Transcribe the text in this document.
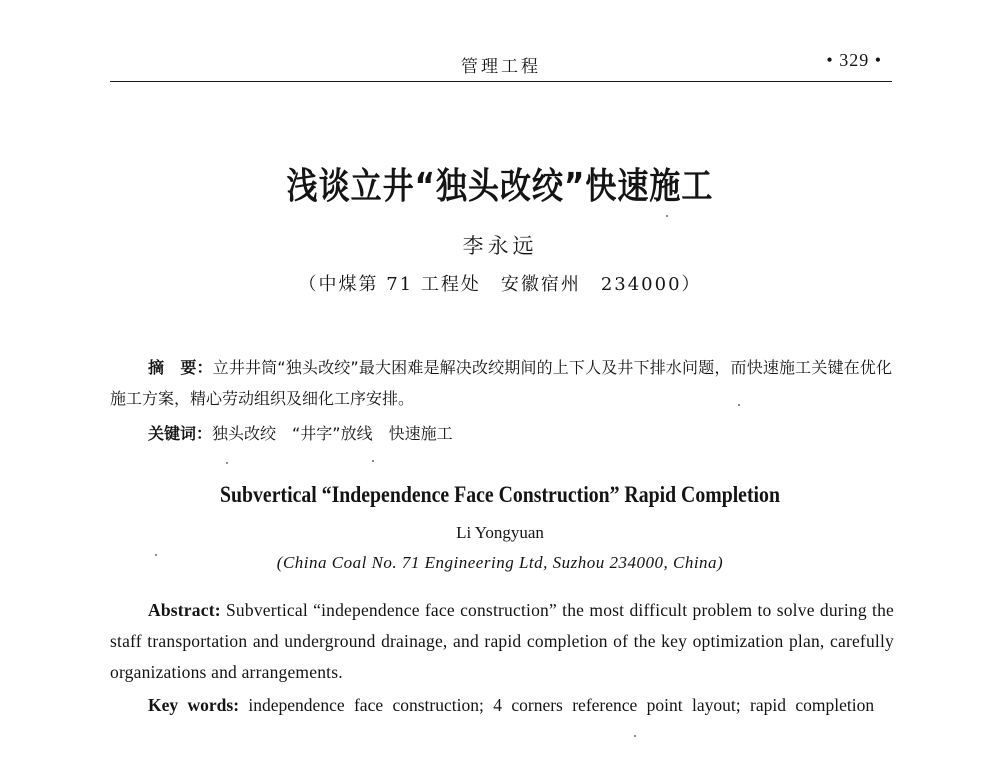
管理工程	• 329 •
浅谈立井“独头改绞”快速施工
李永远
（中煤第 71 工程处　安徽宿州　234000）
摘　要：立井井筒“独头改绞”最大困难是解决改绞期间的上下人及井下排水问题，而快速施工关键在优化施工方案，精心劳动组织及细化工序安排。
关键词：独头改绞　“井字”放线　快速施工
Subvertical “Independence Face Construction” Rapid Completion
Li Yongyuan
(China Coal No. 71 Engineering Ltd, Suzhou 234000, China)
Abstract: Subvertical “independence face construction” the most difficult problem to solve during the staff transportation and underground drainage, and rapid completion of the key optimization plan, carefully organizations and arrangements.
Key words: independence face construction; 4 corners reference point layout; rapid completion
